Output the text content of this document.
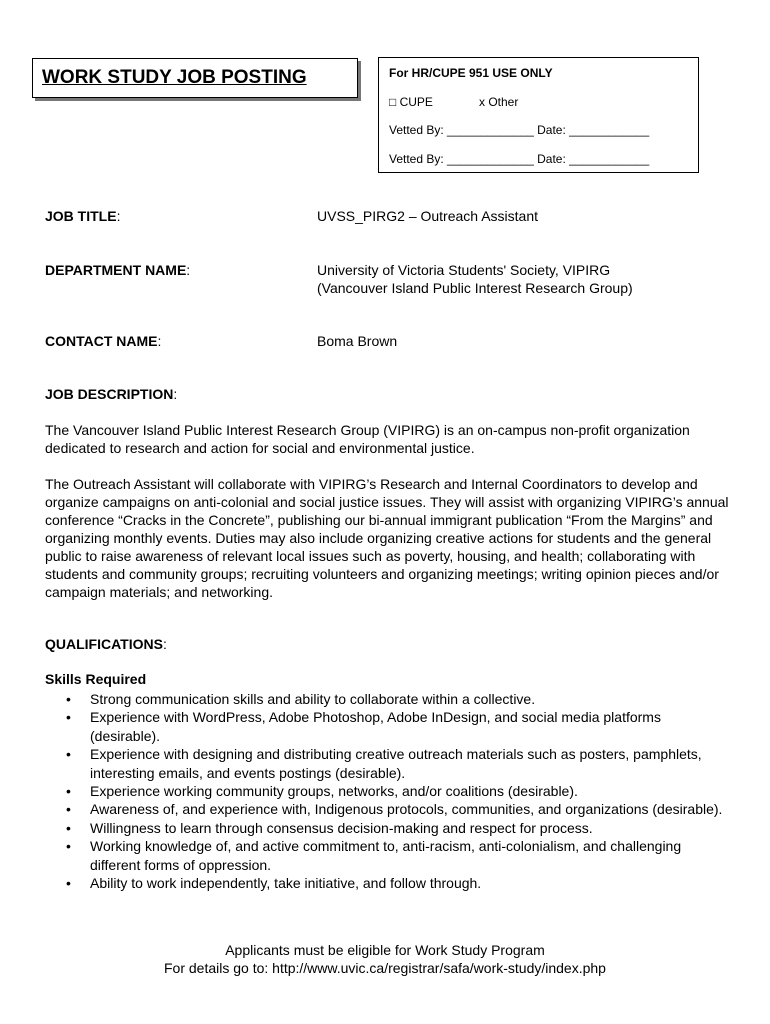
WORK STUDY JOB POSTING	For HR/CUPE 951 USE ONLY
□ CUPE	x Other
Vetted By: _____________ Date: ____________
Vetted By: _____________ Date: ____________
JOB TITLE:	UVSS_PIRG2 – Outreach Assistant
DEPARTMENT NAME:	University of Victoria Students' Society, VIPIRG
(Vancouver Island Public Interest Research Group)
CONTACT NAME:	Boma Brown
JOB DESCRIPTION:
The Vancouver Island Public Interest Research Group (VIPIRG) is an on-campus non-profit organization dedicated to research and action for social and environmental justice.
The Outreach Assistant will collaborate with VIPIRG’s Research and Internal Coordinators to develop and organize campaigns on anti-colonial and social justice issues. They will assist with organizing VIPIRG’s annual conference “Cracks in the Concrete”, publishing our bi-annual immigrant publication “From the Margins” and organizing monthly events. Duties may also include organizing creative actions for students and the general public to raise awareness of relevant local issues such as poverty, housing, and health; collaborating with students and community groups; recruiting volunteers and organizing meetings; writing opinion pieces and/or campaign materials; and networking.
QUALIFICATIONS:
Skills Required
• Strong communication skills and ability to collaborate within a collective.
• Experience with WordPress, Adobe Photoshop, Adobe InDesign, and social media platforms (desirable).
• Experience with designing and distributing creative outreach materials such as posters, pamphlets, interesting emails, and events postings (desirable).
• Experience working community groups, networks, and/or coalitions (desirable).
• Awareness of, and experience with, Indigenous protocols, communities, and organizations (desirable).
• Willingness to learn through consensus decision-making and respect for process.
• Working knowledge of, and active commitment to, anti-racism, anti-colonialism, and challenging different forms of oppression.
• Ability to work independently, take initiative, and follow through.
Applicants must be eligible for Work Study Program
For details go to: http://www.uvic.ca/registrar/safa/work-study/index.php
